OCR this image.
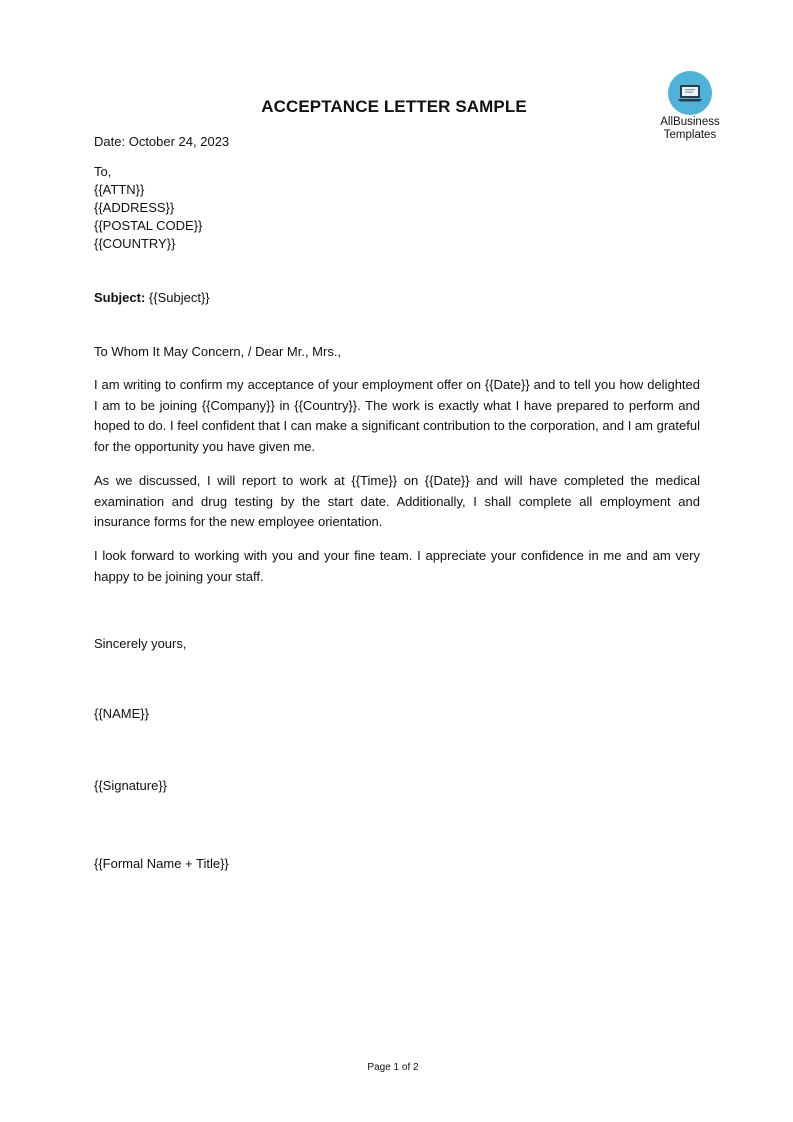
ACCEPTANCE LETTER SAMPLE
AllBusiness
Templates
Date: October 24, 2023
To,
{{ATTN}}
{{ADDRESS}}
{{POSTAL CODE}}
{{COUNTRY}}
Subject: {{Subject}}
To Whom It May Concern, / Dear Mr., Mrs.,
I am writing to confirm my acceptance of your employment offer on {{Date}} and to tell you how delighted I am to be joining {{Company}} in {{Country}}. The work is exactly what I have prepared to perform and hoped to do. I feel confident that I can make a significant contribution to the corporation, and I am grateful for the opportunity you have given me.
As we discussed, I will report to work at {{Time}} on {{Date}} and will have completed the medical examination and drug testing by the start date. Additionally, I shall complete all employment and insurance forms for the new employee orientation.
I look forward to working with you and your fine team. I appreciate your confidence in me and am very happy to be joining your staff.
Sincerely yours,
{{NAME}}
{{Signature}}
{{Formal Name + Title}}
Page 1 of 2
